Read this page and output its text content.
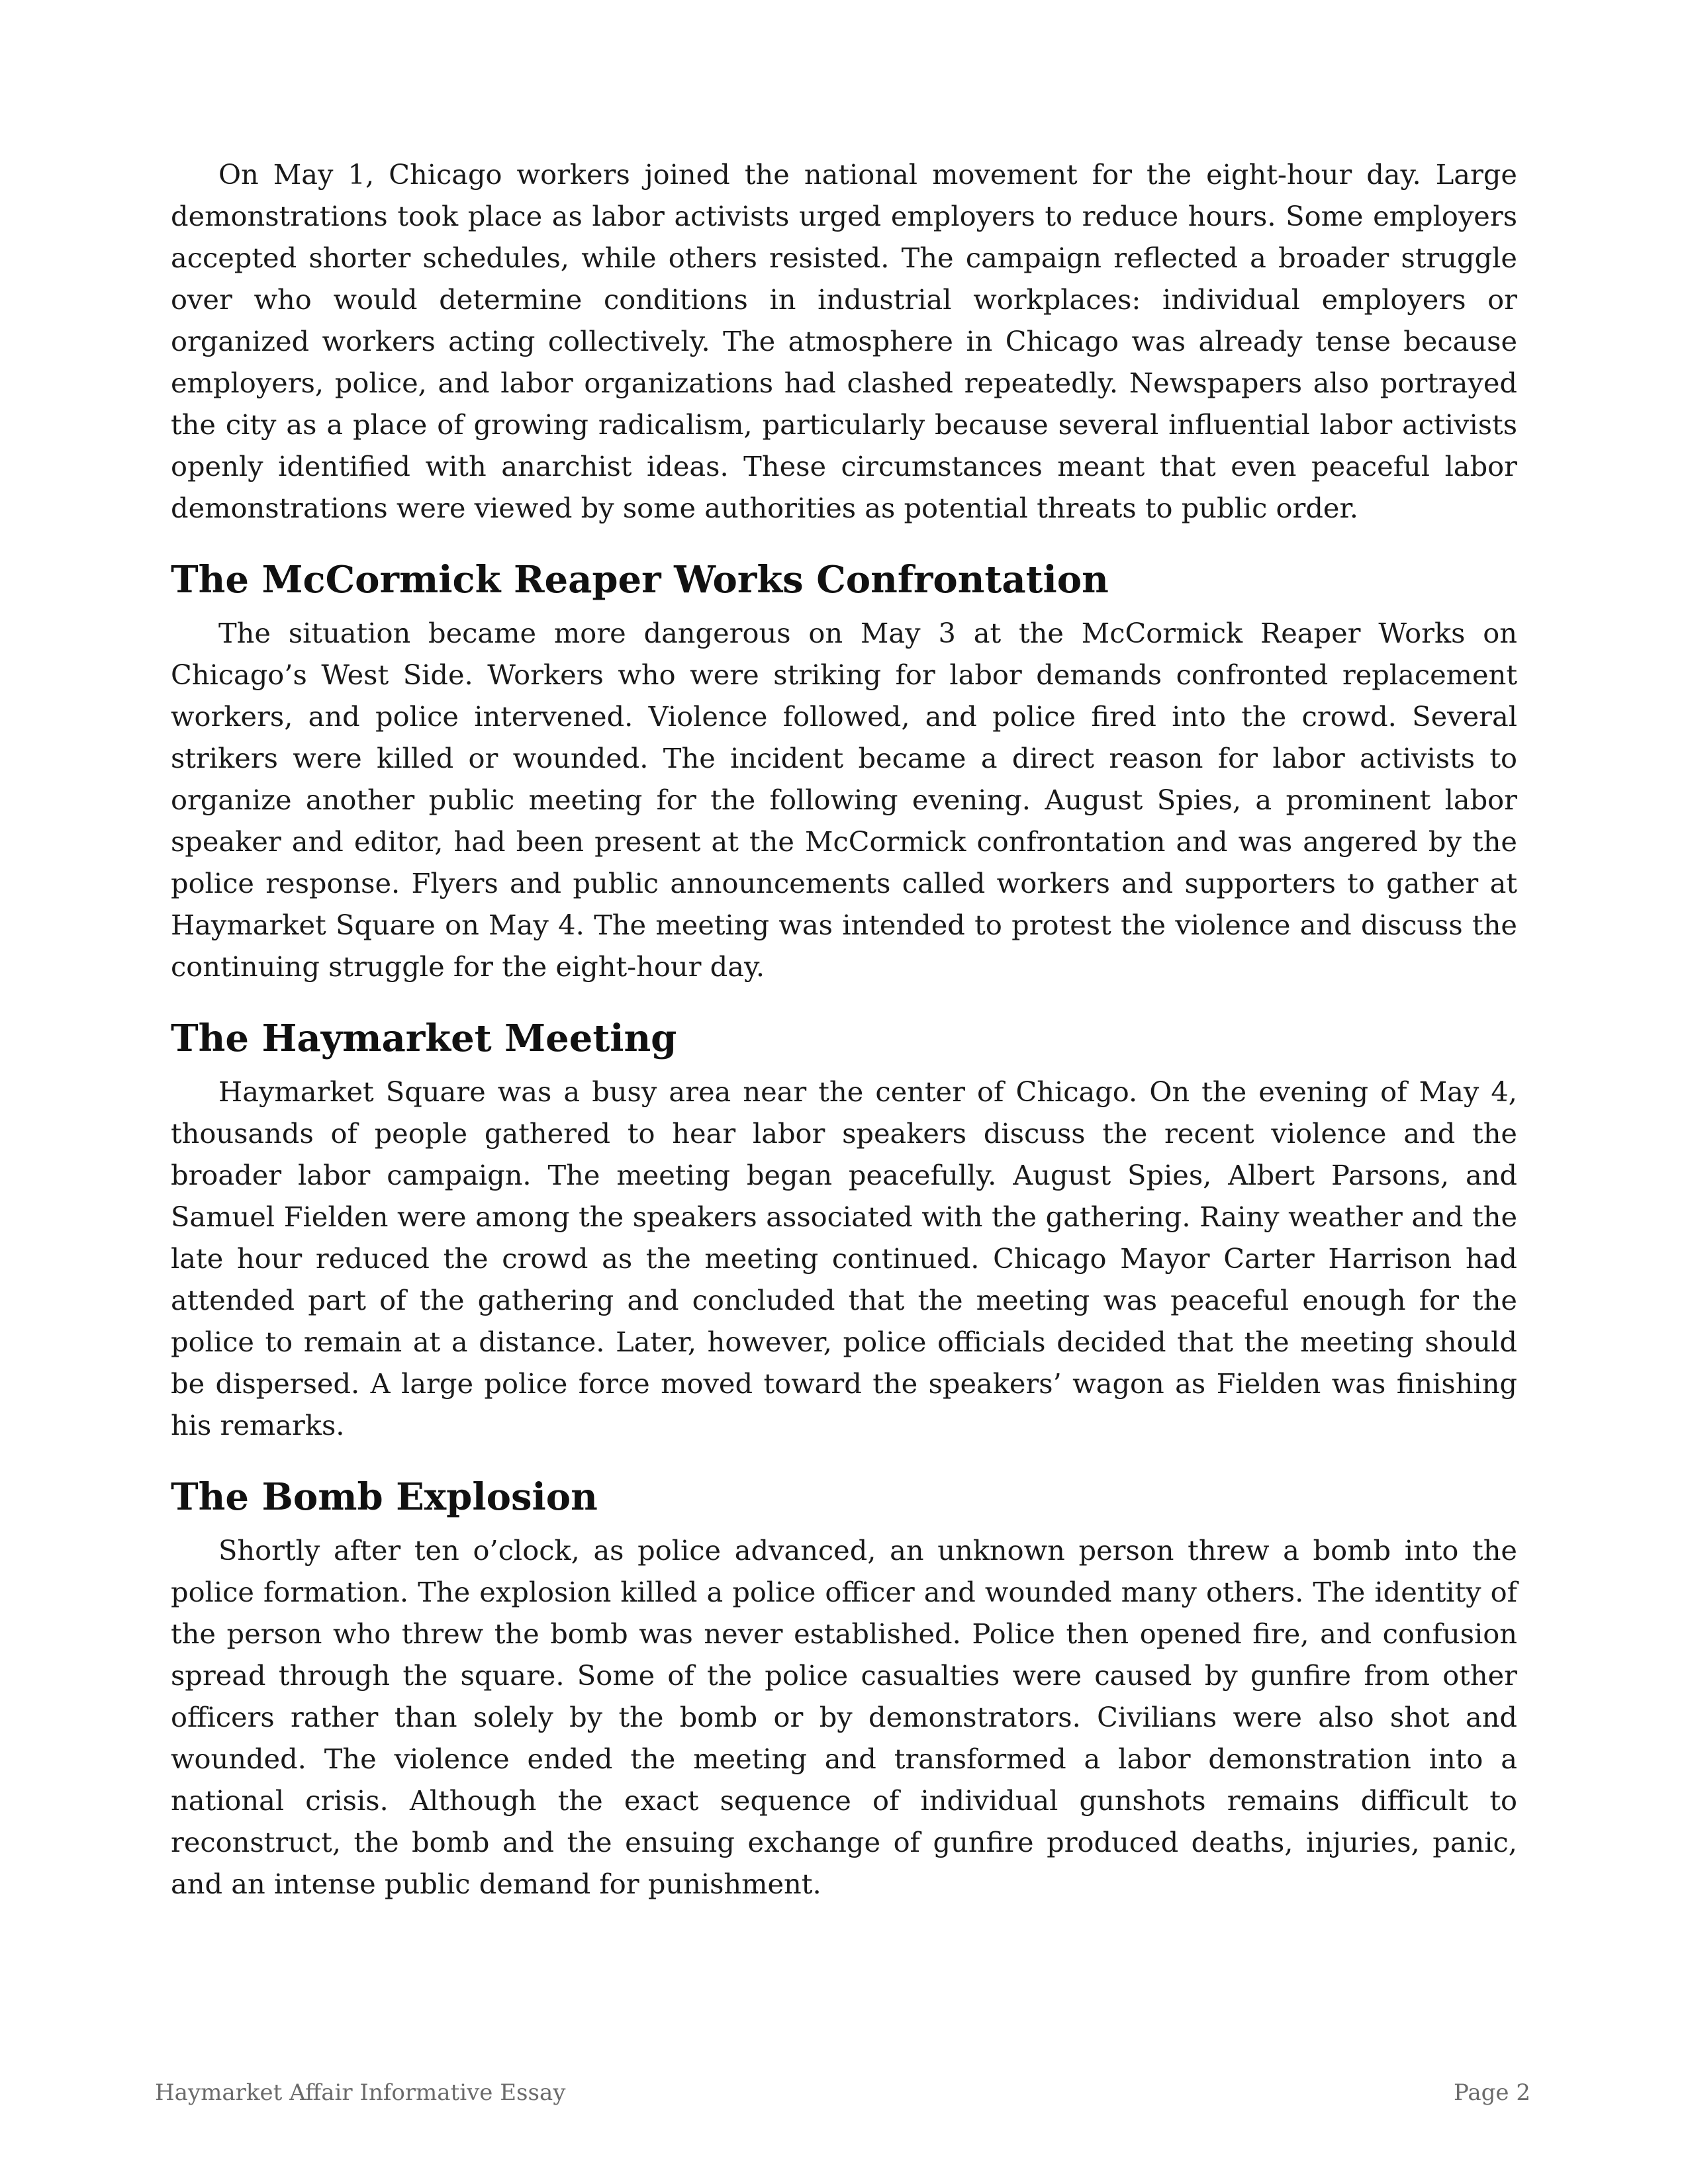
On May 1, Chicago workers joined the national movement for the eight-hour day. Large demonstrations took place as labor activists urged employers to reduce hours. Some employers accepted shorter schedules, while others resisted. The campaign reflected a broader struggle over who would determine conditions in industrial workplaces: individual employers or organized workers acting collectively. The atmosphere in Chicago was already tense because employers, police, and labor organizations had clashed repeatedly. Newspapers also portrayed the city as a place of growing radicalism, particularly because several influential labor activists openly identified with anarchist ideas. These circumstances meant that even peaceful labor demonstrations were viewed by some authorities as potential threats to public order.

The McCormick Reaper Works Confrontation

The situation became more dangerous on May 3 at the McCormick Reaper Works on Chicago’s West Side. Workers who were striking for labor demands confronted replacement workers, and police intervened. Violence followed, and police fired into the crowd. Several strikers were killed or wounded. The incident became a direct reason for labor activists to organize another public meeting for the following evening. August Spies, a prominent labor speaker and editor, had been present at the McCormick confrontation and was angered by the police response. Flyers and public announcements called workers and supporters to gather at Haymarket Square on May 4. The meeting was intended to protest the violence and discuss the continuing struggle for the eight-hour day.

The Haymarket Meeting

Haymarket Square was a busy area near the center of Chicago. On the evening of May 4, thousands of people gathered to hear labor speakers discuss the recent violence and the broader labor campaign. The meeting began peacefully. August Spies, Albert Parsons, and Samuel Fielden were among the speakers associated with the gathering. Rainy weather and the late hour reduced the crowd as the meeting continued. Chicago Mayor Carter Harrison had attended part of the gathering and concluded that the meeting was peaceful enough for the police to remain at a distance. Later, however, police officials decided that the meeting should be dispersed. A large police force moved toward the speakers’ wagon as Fielden was finishing his remarks.

The Bomb Explosion

Shortly after ten o’clock, as police advanced, an unknown person threw a bomb into the police formation. The explosion killed a police officer and wounded many others. The identity of the person who threw the bomb was never established. Police then opened fire, and confusion spread through the square. Some of the police casualties were caused by gunfire from other officers rather than solely by the bomb or by demonstrators. Civilians were also shot and wounded. The violence ended the meeting and transformed a labor demonstration into a national crisis. Although the exact sequence of individual gunshots remains difficult to reconstruct, the bomb and the ensuing exchange of gunfire produced deaths, injuries, panic, and an intense public demand for punishment.

Haymarket Affair Informative Essay	Page 2
